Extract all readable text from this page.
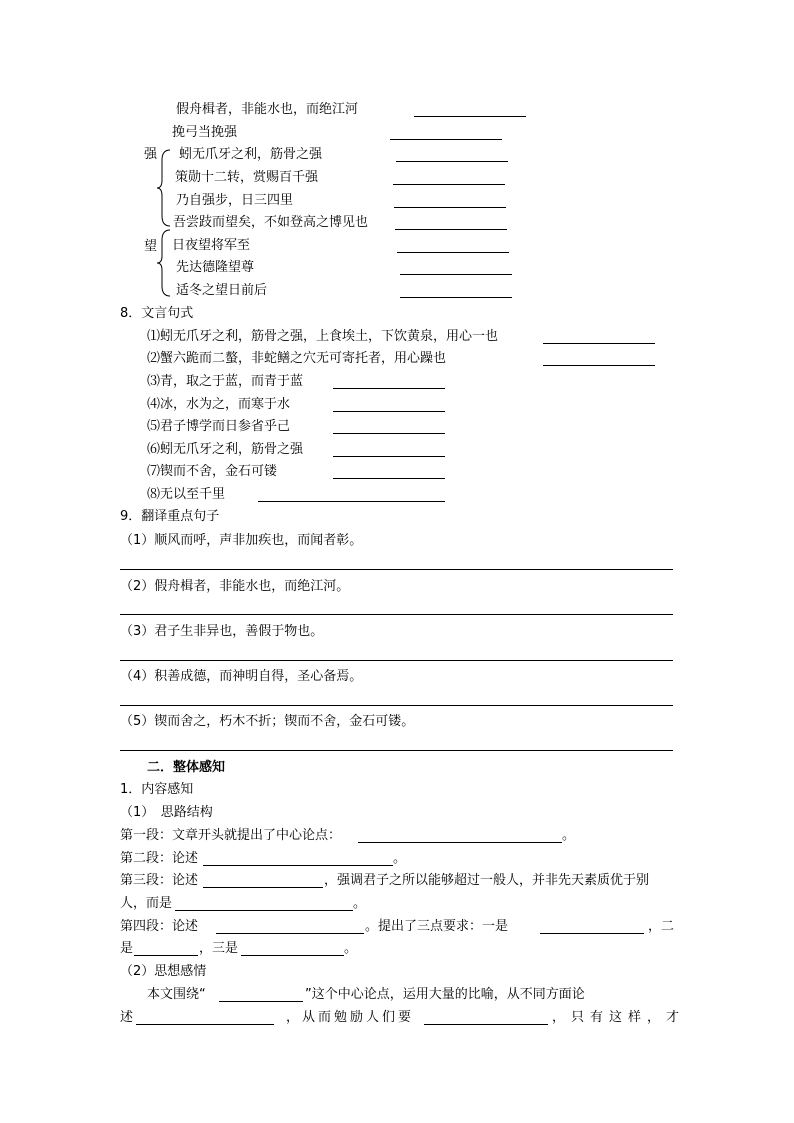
假舟楫者，非能水也，而绝江河
挽弓当挽强
强 蚓无爪牙之利，筋骨之强
策勋十二转，赏赐百千强
乃自强步，日三四里
吾尝跂而望矣，不如登高之博见也
望 日夜望将军至
先达德隆望尊
适冬之望日前后
8．文言句式
⑴蚓无爪牙之利，筋骨之强，上食埃土，下饮黄泉，用心一也
⑵蟹六跪而二螯，非蛇鳝之穴无可寄托者，用心躁也
⑶青，取之于蓝，而青于蓝
⑷冰，水为之，而寒于水
⑸君子博学而日参省乎己
⑹蚓无爪牙之利，筋骨之强
⑺锲而不舍，金石可镂
⑻无以至千里
9．翻译重点句子
（1）顺风而呼，声非加疾也，而闻者彰。
（2）假舟楫者，非能水也，而绝江河。
（3）君子生非异也，善假于物也。
（4）积善成德，而神明自得，圣心备焉。
（5）锲而舍之，朽木不折；锲而不舍，金石可镂。
二．整体感知
1．内容感知
（1）　思路结构
第一段：文章开头就提出了中心论点：	。
第二段：论述	。
第三段：论述	，强调君子之所以能够超过一般人，并非先天素质优于别
人，而是	。
第四段：论述	。提出了三点要求：一是	，二
是	，三是	。
（2）思想感情
本文围绕“	”这个中心论点，运用大量的比喻，从不同方面论
述	，从而勉励人们要	，只有这样，才
